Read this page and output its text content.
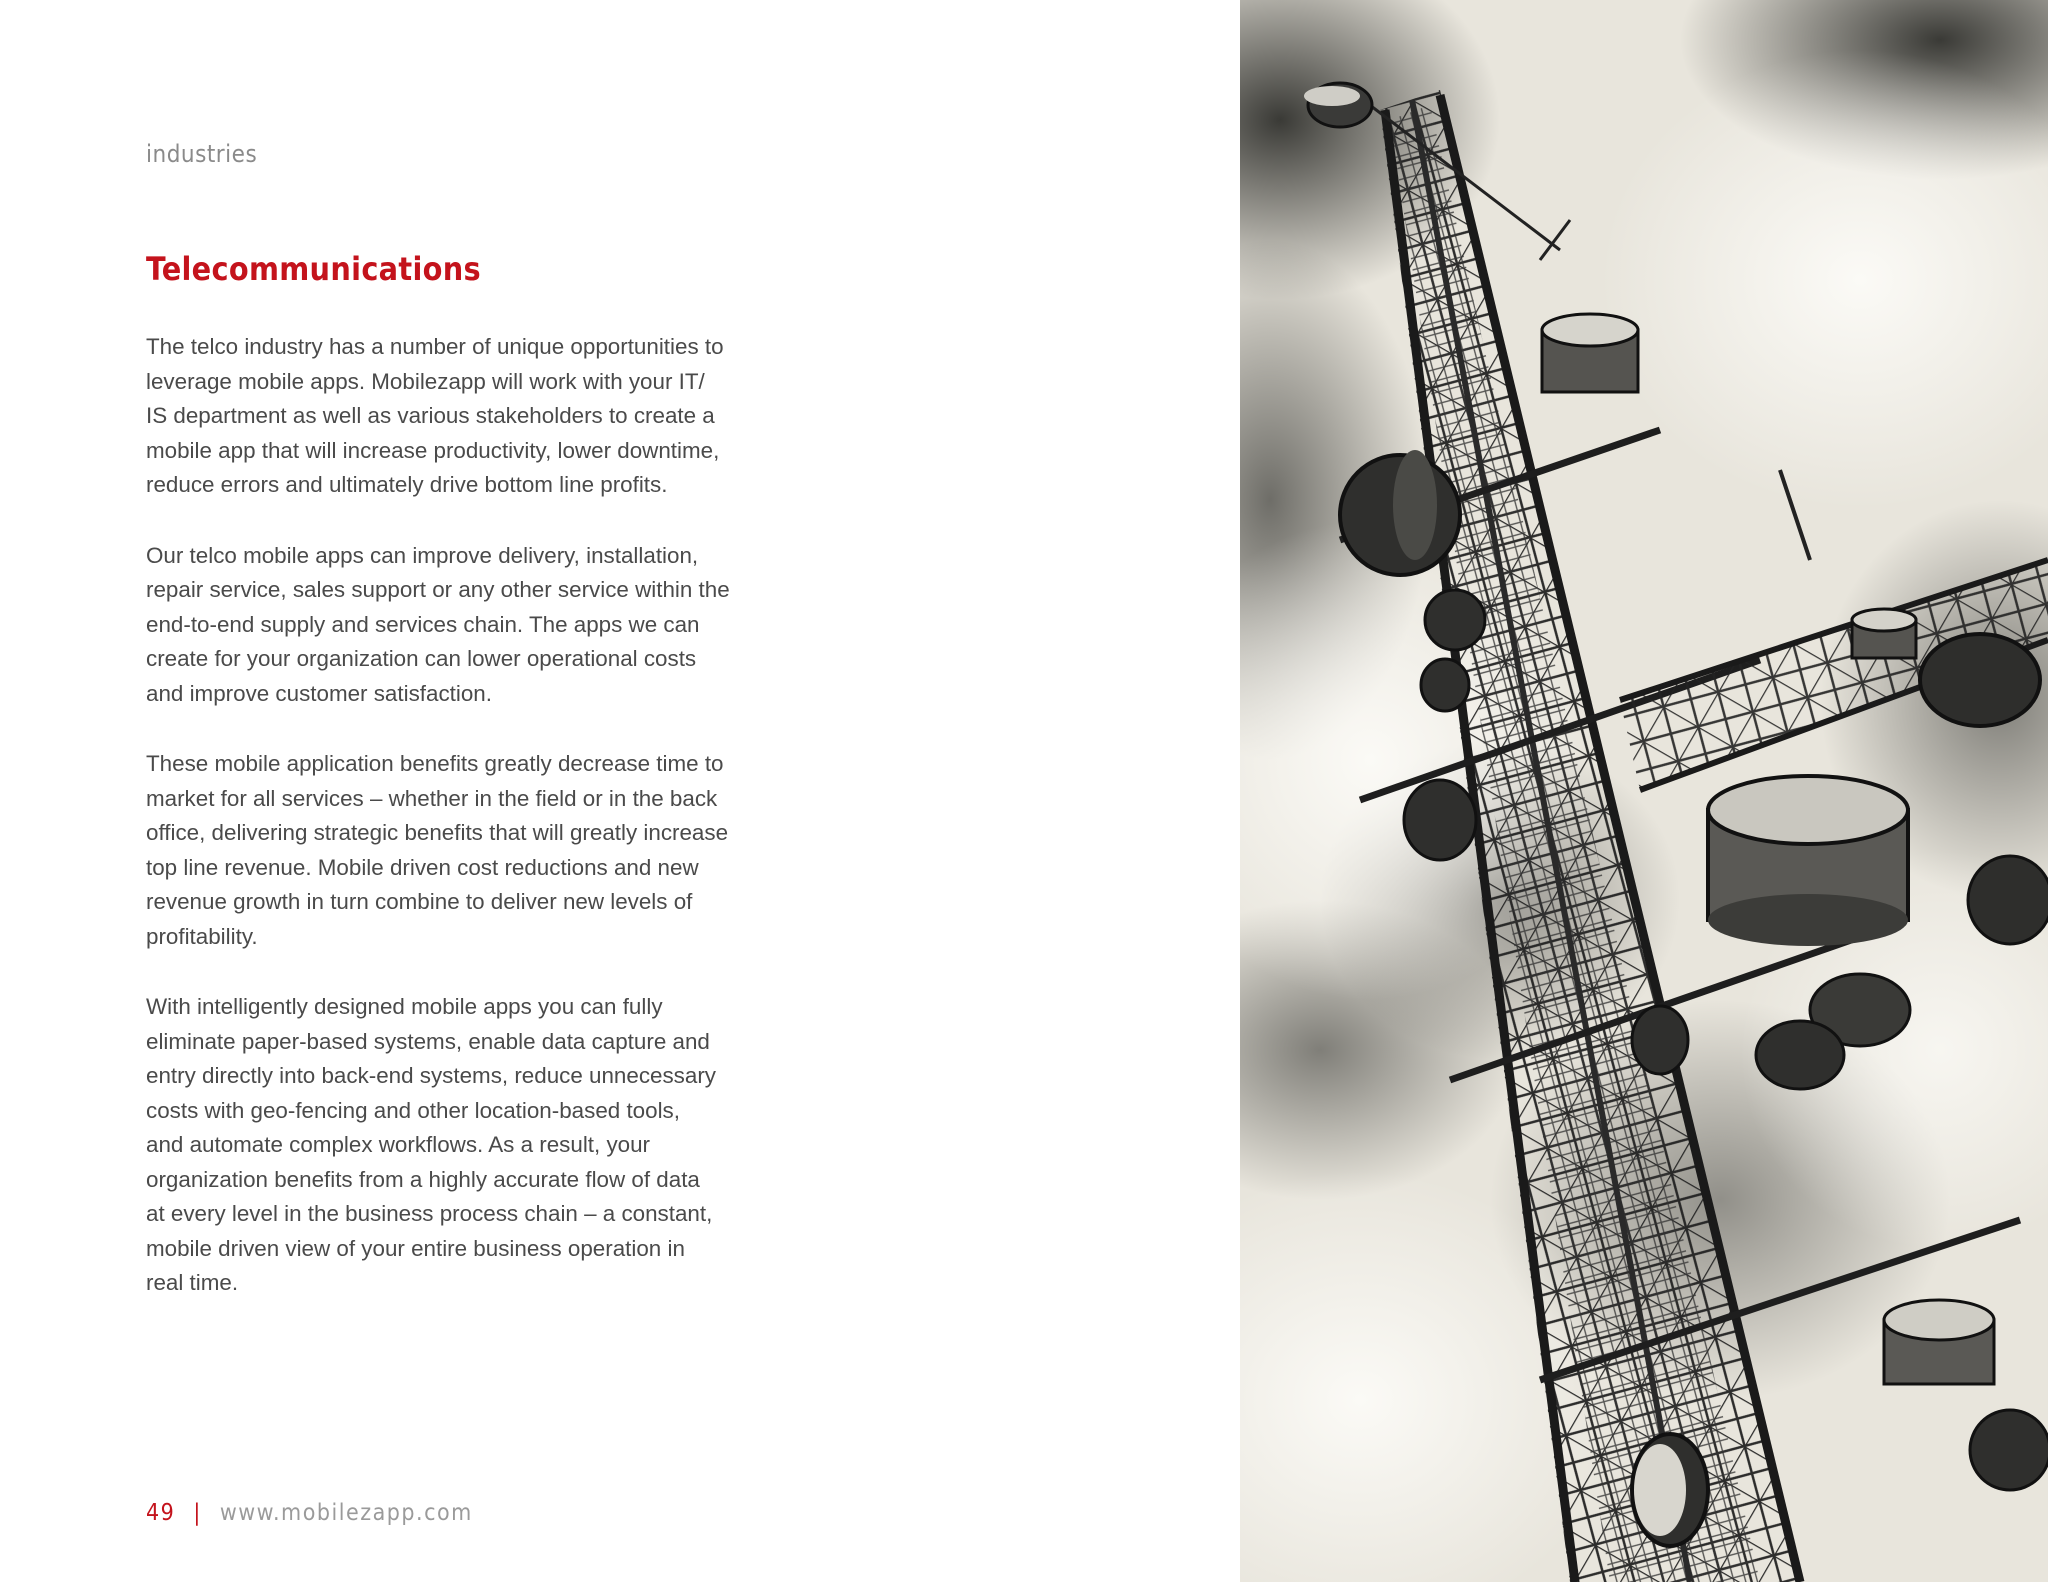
industries
Telecommunications

The telco industry has a number of unique opportunities to
leverage mobile apps. Mobilezapp will work with your IT/
IS department as well as various stakeholders to create a
mobile app that will increase productivity, lower downtime,
reduce errors and ultimately drive bottom line profits.

Our telco mobile apps can improve delivery, installation,
repair service, sales support or any other service within the
end-to-end supply and services chain. The apps we can
create for your organization can lower operational costs
and improve customer satisfaction.

These mobile application benefits greatly decrease time to
market for all services – whether in the field or in the back
office, delivering strategic benefits that will greatly increase
top line revenue. Mobile driven cost reductions and new
revenue growth in turn combine to deliver new levels of
profitability.

With intelligently designed mobile apps you can fully
eliminate paper-based systems, enable data capture and
entry directly into back-end systems, reduce unnecessary
costs with geo-fencing and other location-based tools,
and automate complex workflows. As a result, your
organization benefits from a highly accurate flow of data
at every level in the business process chain – a constant,
mobile driven view of your entire business operation in
real time.

49 | www.mobilezapp.com
